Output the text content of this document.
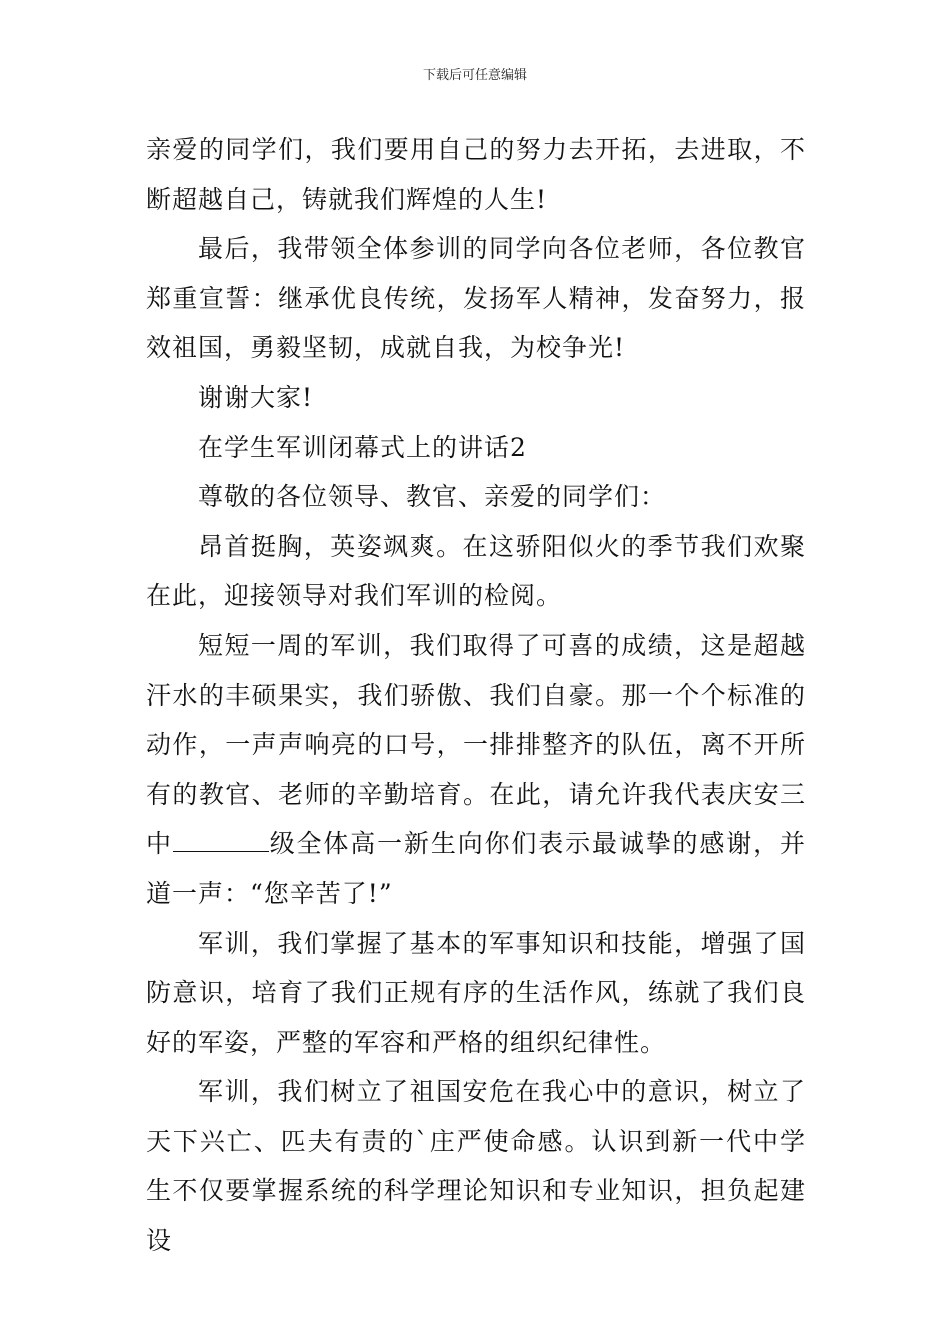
下载后可任意编辑

亲爱的同学们，我们要用自己的努力去开拓，去进取，不断超越自己，铸就我们辉煌的人生!

最后，我带领全体参训的同学向各位老师，各位教官郑重宣誓：继承优良传统，发扬军人精神，发奋努力，报效祖国，勇毅坚韧，成就自我，为校争光!

谢谢大家!

在学生军训闭幕式上的讲话2

尊敬的各位领导、教官、亲爱的同学们：

昂首挺胸，英姿飒爽。在这骄阳似火的季节我们欢聚在此，迎接领导对我们军训的检阅。

短短一周的军训，我们取得了可喜的成绩，这是超越汗水的丰硕果实，我们骄傲、我们自豪。那一个个标准的动作，一声声响亮的口号，一排排整齐的队伍，离不开所有的教官、老师的辛勤培育。在此，请允许我代表庆安三中	级全体高一新生向你们表示最诚挚的感谢，并道一声：“您辛苦了!”

军训，我们掌握了基本的军事知识和技能，增强了国防意识，培育了我们正规有序的生活作风，练就了我们良好的军姿，严整的军容和严格的组织纪律性。

军训，我们树立了祖国安危在我心中的意识，树立了天下兴亡、匹夫有责的`庄严使命感。认识到新一代中学生不仅要掌握系统的科学理论知识和专业知识，担负起建设
